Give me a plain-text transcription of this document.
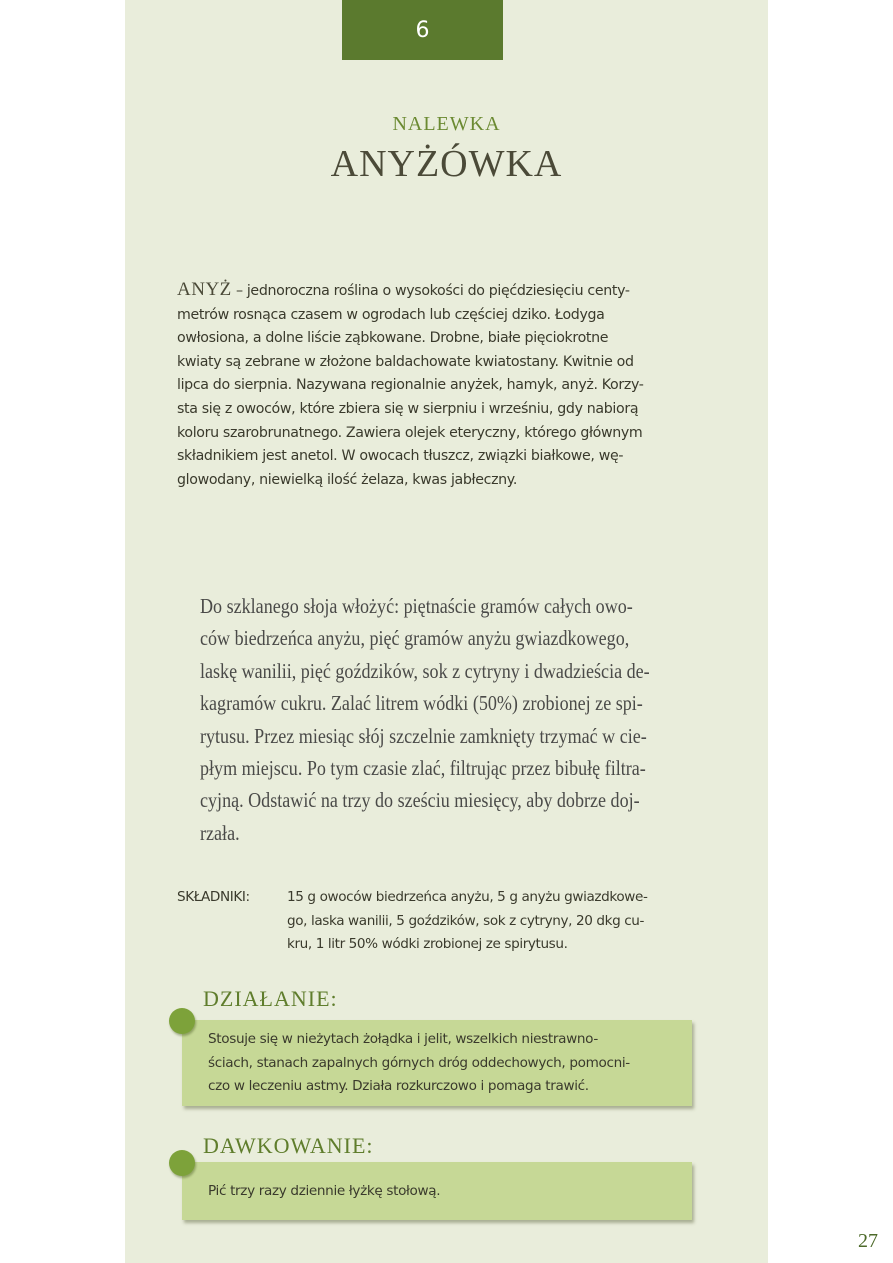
6
NALEWKA
ANYŻÓWKA
ANYŻ – jednoroczna roślina o wysokości do pięćdziesięciu centy-
metrów rosnąca czasem w ogrodach lub częściej dziko. Łodyga
owłosiona, a dolne liście ząbkowane. Drobne, białe pięciokrotne
kwiaty są zebrane w złożone baldachowate kwiatostany. Kwitnie od
lipca do sierpnia. Nazywana regionalnie anyżek, hamyk, anyż. Korzy-
sta się z owoców, które zbiera się w sierpniu i wrześniu, gdy nabiorą
koloru szarobrunatnego. Zawiera olejek eteryczny, którego głównym
składnikiem jest anetol. W owocach tłuszcz, związki białkowe, wę-
glowodany, niewielką ilość żelaza, kwas jabłeczny.
Do szklanego słoja włożyć: piętnaście gramów całych owo-
ców biedrzeńca anyżu, pięć gramów anyżu gwiazdkowego,
laskę wanilii, pięć goździków, sok z cytryny i dwadzieścia de-
kagramów cukru. Zalać litrem wódki (50%) zrobionej ze spi-
rytusu. Przez miesiąc słój szczelnie zamknięty trzymać w cie-
płym miejscu. Po tym czasie zlać, filtrując przez bibułę filtra-
cyjną. Odstawić na trzy do sześciu miesięcy, aby dobrze doj-
rzała.
SKŁADNIKI:	15 g owoców biedrzeńca anyżu, 5 g anyżu gwiazdkowe-
go, laska wanilii, 5 goździków, sok z cytryny, 20 dkg cu-
kru, 1 litr 50% wódki zrobionej ze spirytusu.
DZIAŁANIE:
Stosuje się w nieżytach żołądka i jelit, wszelkich niestrawno-
ściach, stanach zapalnych górnych dróg oddechowych, pomocni-
czo w leczeniu astmy. Działa rozkurczowo i pomaga trawić.
DAWKOWANIE:
Pić trzy razy dziennie łyżkę stołową.
27
